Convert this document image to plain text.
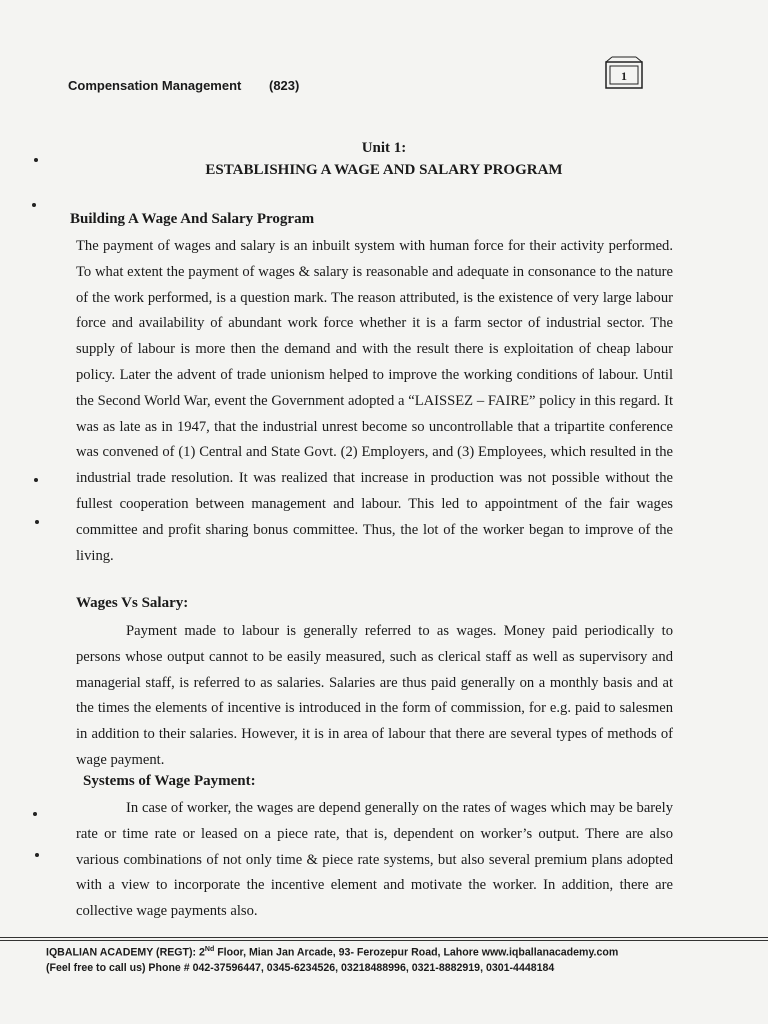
Compensation Management (823)
1
Unit 1:
ESTABLISHING A WAGE AND SALARY PROGRAM
Building A Wage And Salary Program

The payment of wages and salary is an inbuilt system with human force for their activity performed. To what extent the payment of wages & salary is reasonable and adequate in consonance to the nature of the work performed, is a question mark. The reason attributed, is the existence of very large labour force and availability of abundant work force whether it is a farm sector of industrial sector. The supply of labour is more then the demand and with the result there is exploitation of cheap labour policy. Later the advent of trade unionism helped to improve the working conditions of labour. Until the Second World War, event the Government adopted a “LAISSEZ – FAIRE” policy in this regard. It was as late as in 1947, that the industrial unrest become so uncontrollable that a tripartite conference was convened of (1) Central and State Govt. (2) Employers, and (3) Employees, which resulted in the industrial trade resolution. It was realized that increase in production was not possible without the fullest cooperation between management and labour. This led to appointment of the fair wages committee and profit sharing bonus committee. Thus, the lot of the worker began to improve of the living.

Wages Vs Salary:

Payment made to labour is generally referred to as wages. Money paid periodically to persons whose output cannot to be easily measured, such as clerical staff as well as supervisory and managerial staff, is referred to as salaries. Salaries are thus paid generally on a monthly basis and at the times the elements of incentive is introduced in the form of commission, for e.g. paid to salesmen in addition to their salaries. However, it is in area of labour that there are several types of methods of wage payment.

Systems of Wage Payment:

In case of worker, the wages are depend generally on the rates of wages which may be barely rate or time rate or leased on a piece rate, that is, dependent on worker’s output. There are also various combinations of not only time & piece rate systems, but also several premium plans adopted with a view to incorporate the incentive element and motivate the worker. In addition, there are collective wage payments also.

IQBALIAN ACADEMY (REGT): 2Nd Floor, Mian Jan Arcade, 93- Ferozepur Road, Lahore www.iqballanacademy.com
(Feel free to call us) Phone # 042-37596447, 0345-6234526, 03218488996, 0321-8882919, 0301-4448184
